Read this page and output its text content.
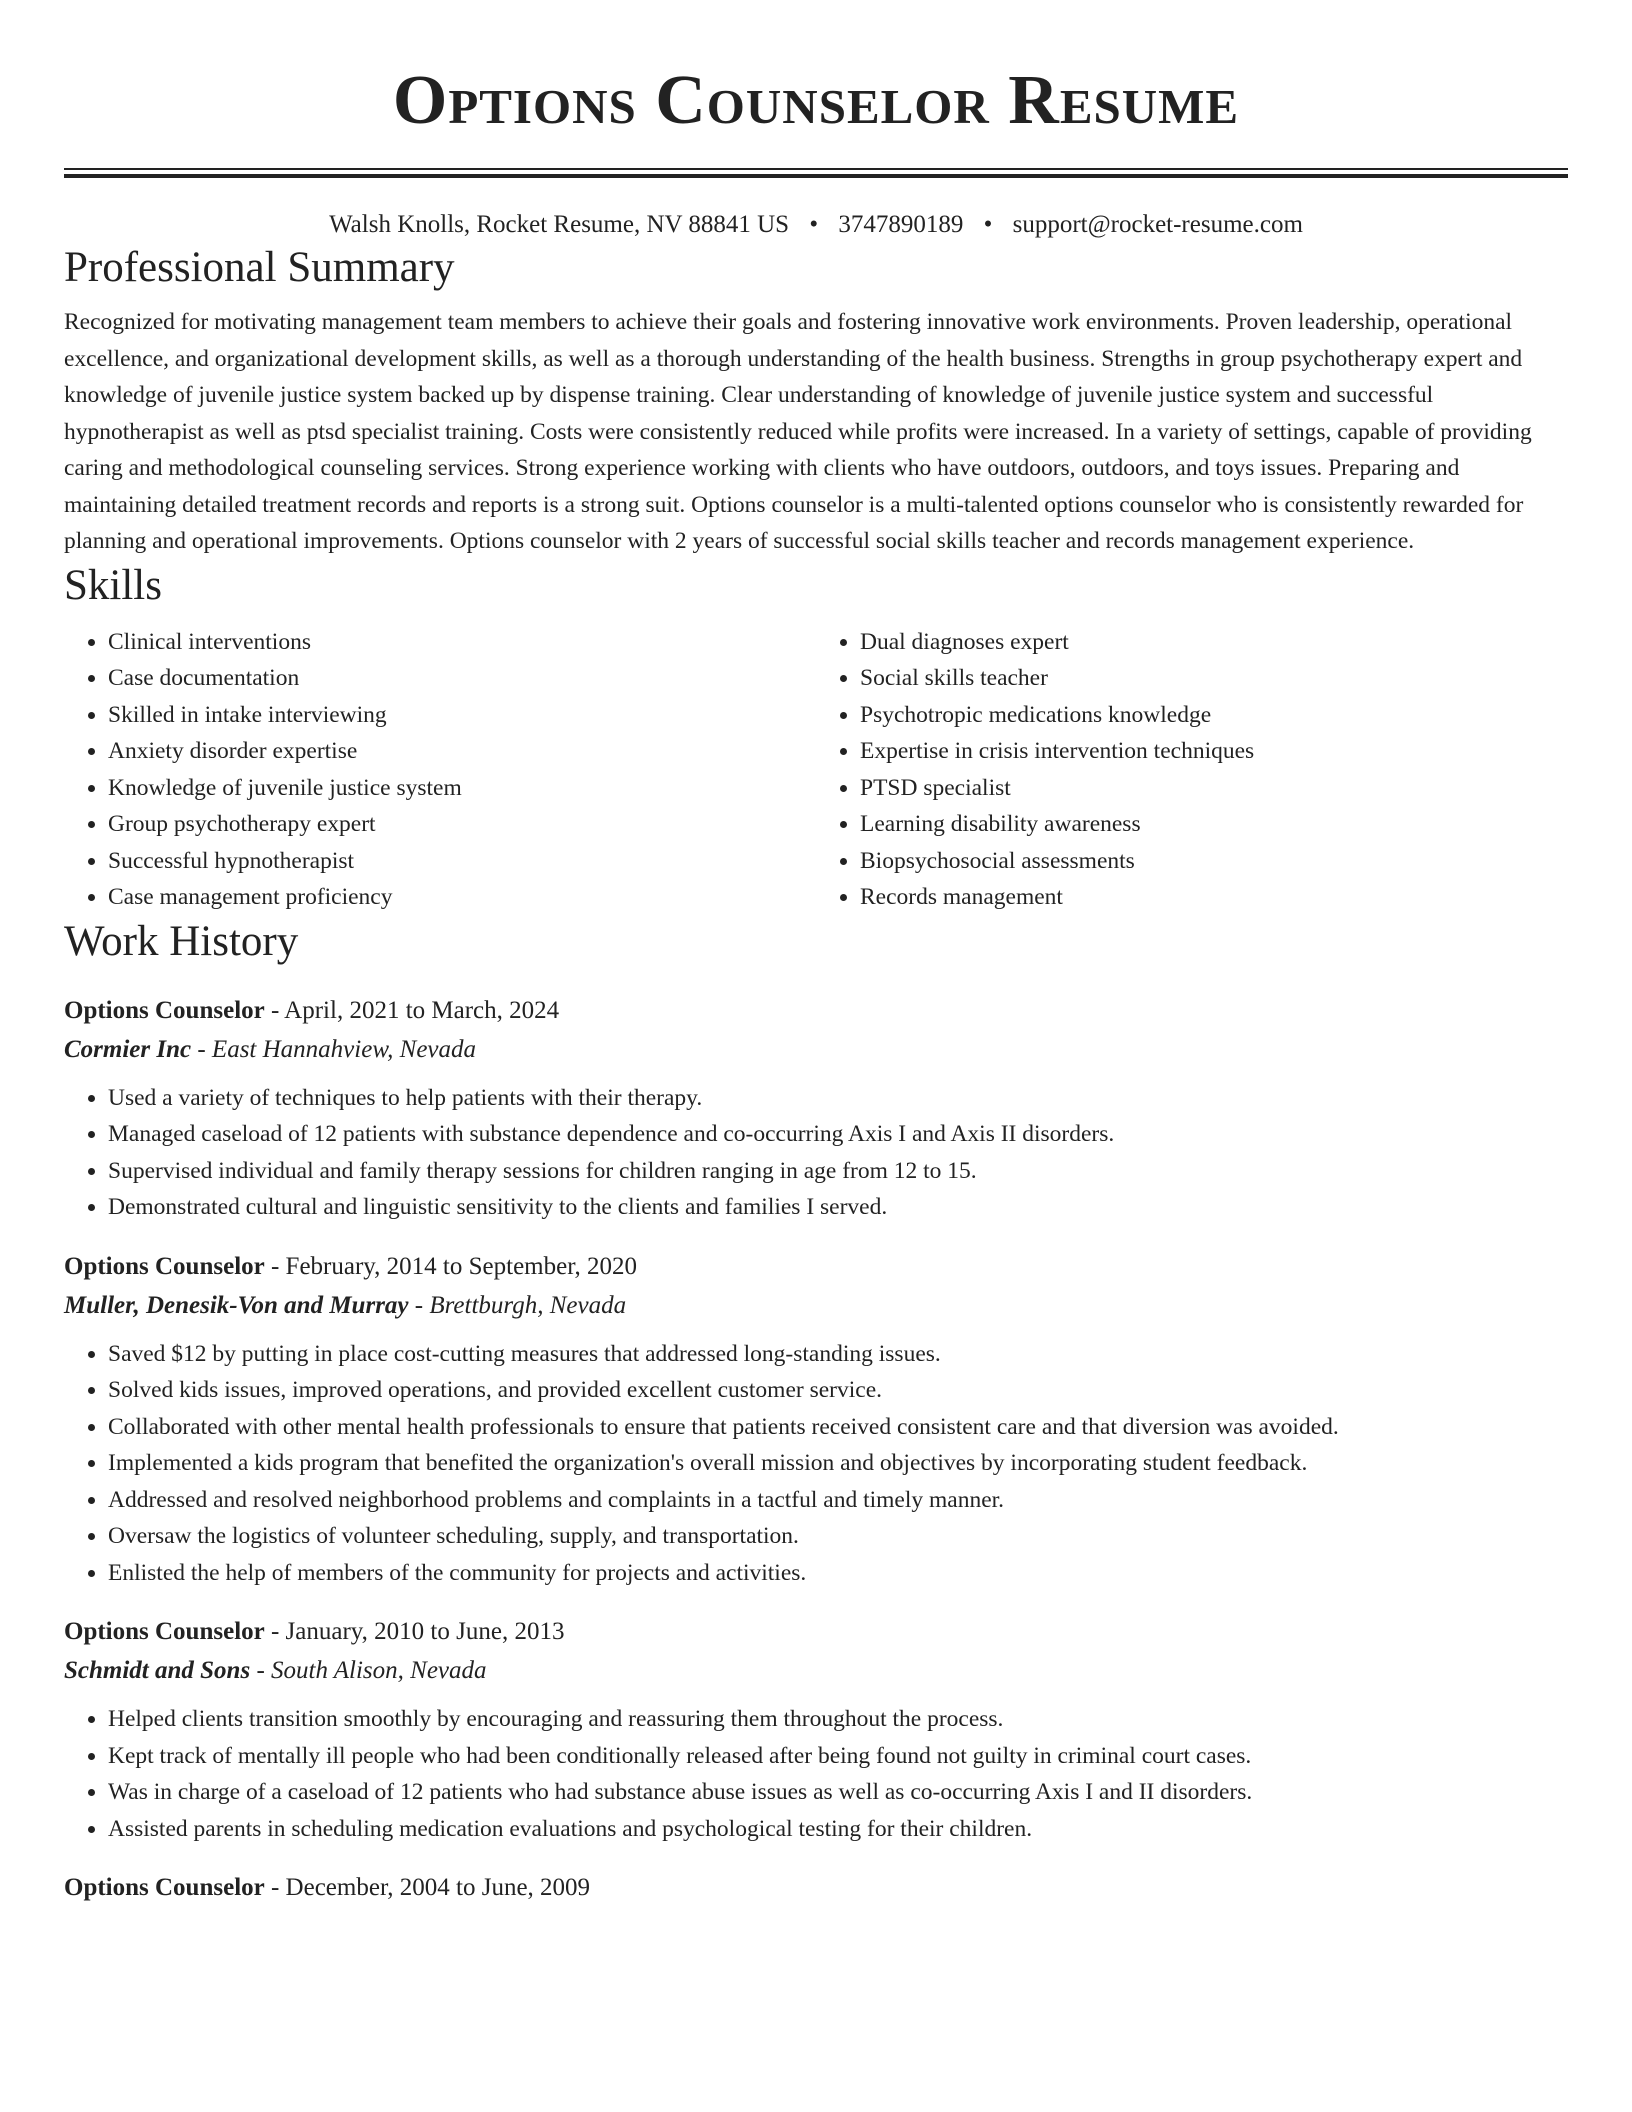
Options Counselor Resume
Walsh Knolls, Rocket Resume, NV 88841 US • 3747890189 • support@rocket-resume.com
Professional Summary

Recognized for motivating management team members to achieve their goals and fostering innovative work environments. Proven leadership, operational excellence, and organizational development skills, as well as a thorough understanding of the health business. Strengths in group psychotherapy expert and knowledge of juvenile justice system backed up by dispense training. Clear understanding of knowledge of juvenile justice system and successful hypnotherapist as well as ptsd specialist training. Costs were consistently reduced while profits were increased. In a variety of settings, capable of providing caring and methodological counseling services. Strong experience working with clients who have outdoors, outdoors, and toys issues. Preparing and maintaining detailed treatment records and reports is a strong suit. Options counselor is a multi-talented options counselor who is consistently rewarded for planning and operational improvements. Options counselor with 2 years of successful social skills teacher and records management experience.

Skills
• Clinical interventions
• Case documentation
• Skilled in intake interviewing
• Anxiety disorder expertise
• Knowledge of juvenile justice system
• Group psychotherapy expert
• Successful hypnotherapist
• Case management proficiency
• Dual diagnoses expert
• Social skills teacher
• Psychotropic medications knowledge
• Expertise in crisis intervention techniques
• PTSD specialist
• Learning disability awareness
• Biopsychosocial assessments
• Records management
Work History
Options Counselor - April, 2021 to March, 2024
Cormier Inc - East Hannahview, Nevada
• Used a variety of techniques to help patients with their therapy.
• Managed caseload of 12 patients with substance dependence and co-occurring Axis I and Axis II disorders.
• Supervised individual and family therapy sessions for children ranging in age from 12 to 15.
• Demonstrated cultural and linguistic sensitivity to the clients and families I served.
Options Counselor - February, 2014 to September, 2020
Muller, Denesik-Von and Murray - Brettburgh, Nevada
• Saved $12 by putting in place cost-cutting measures that addressed long-standing issues.
• Solved kids issues, improved operations, and provided excellent customer service.
• Collaborated with other mental health professionals to ensure that patients received consistent care and that diversion was avoided.
• Implemented a kids program that benefited the organization's overall mission and objectives by incorporating student feedback.
• Addressed and resolved neighborhood problems and complaints in a tactful and timely manner.
• Oversaw the logistics of volunteer scheduling, supply, and transportation.
• Enlisted the help of members of the community for projects and activities.
Options Counselor - January, 2010 to June, 2013
Schmidt and Sons - South Alison, Nevada
• Helped clients transition smoothly by encouraging and reassuring them throughout the process.
• Kept track of mentally ill people who had been conditionally released after being found not guilty in criminal court cases.
• Was in charge of a caseload of 12 patients who had substance abuse issues as well as co-occurring Axis I and II disorders.
• Assisted parents in scheduling medication evaluations and psychological testing for their children.
Options Counselor - December, 2004 to June, 2009
